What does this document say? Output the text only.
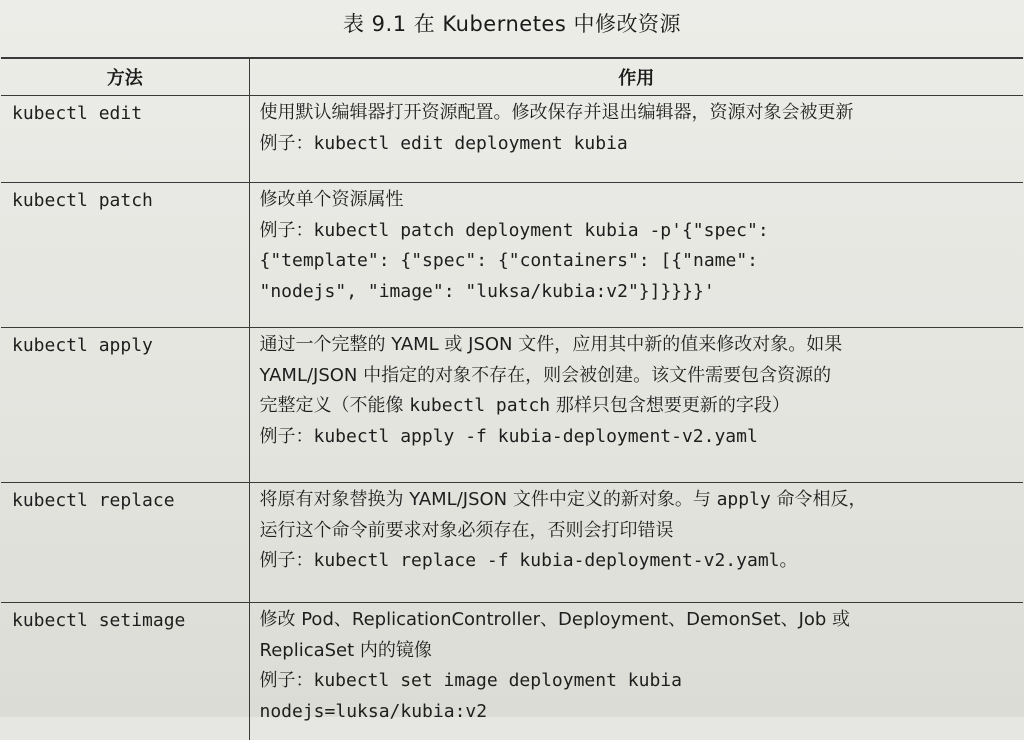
表 9.1 在 Kubernetes 中修改资源
方法	作用
kubectl edit	使用默认编辑器打开资源配置。修改保存并退出编辑器，资源对象会被更新
例子：kubectl edit deployment kubia

kubectl patch	修改单个资源属性
例子：kubectl patch deployment kubia -p'{"spec":
{"template": {"spec": {"containers": [{"name":
"nodejs", "image": "luksa/kubia:v2"}]}}}}'

kubectl apply	通过一个完整的 YAML 或 JSON 文件，应用其中新的值来修改对象。如果
YAML/JSON 中指定的对象不存在，则会被创建。该文件需要包含资源的
完整定义（不能像 kubectl patch 那样只包含想要更新的字段）
例子：kubectl apply -f kubia-deployment-v2.yaml

kubectl replace	将原有对象替换为 YAML/JSON 文件中定义的新对象。与 apply 命令相反，
运行这个命令前要求对象必须存在，否则会打印错误
例子：kubectl replace -f kubia-deployment-v2.yaml。

kubectl setimage	修改 Pod、ReplicationController、Deployment、DemonSet、Job 或
ReplicaSet 内的镜像
例子：kubectl set image deployment kubia
nodejs=luksa/kubia:v2
